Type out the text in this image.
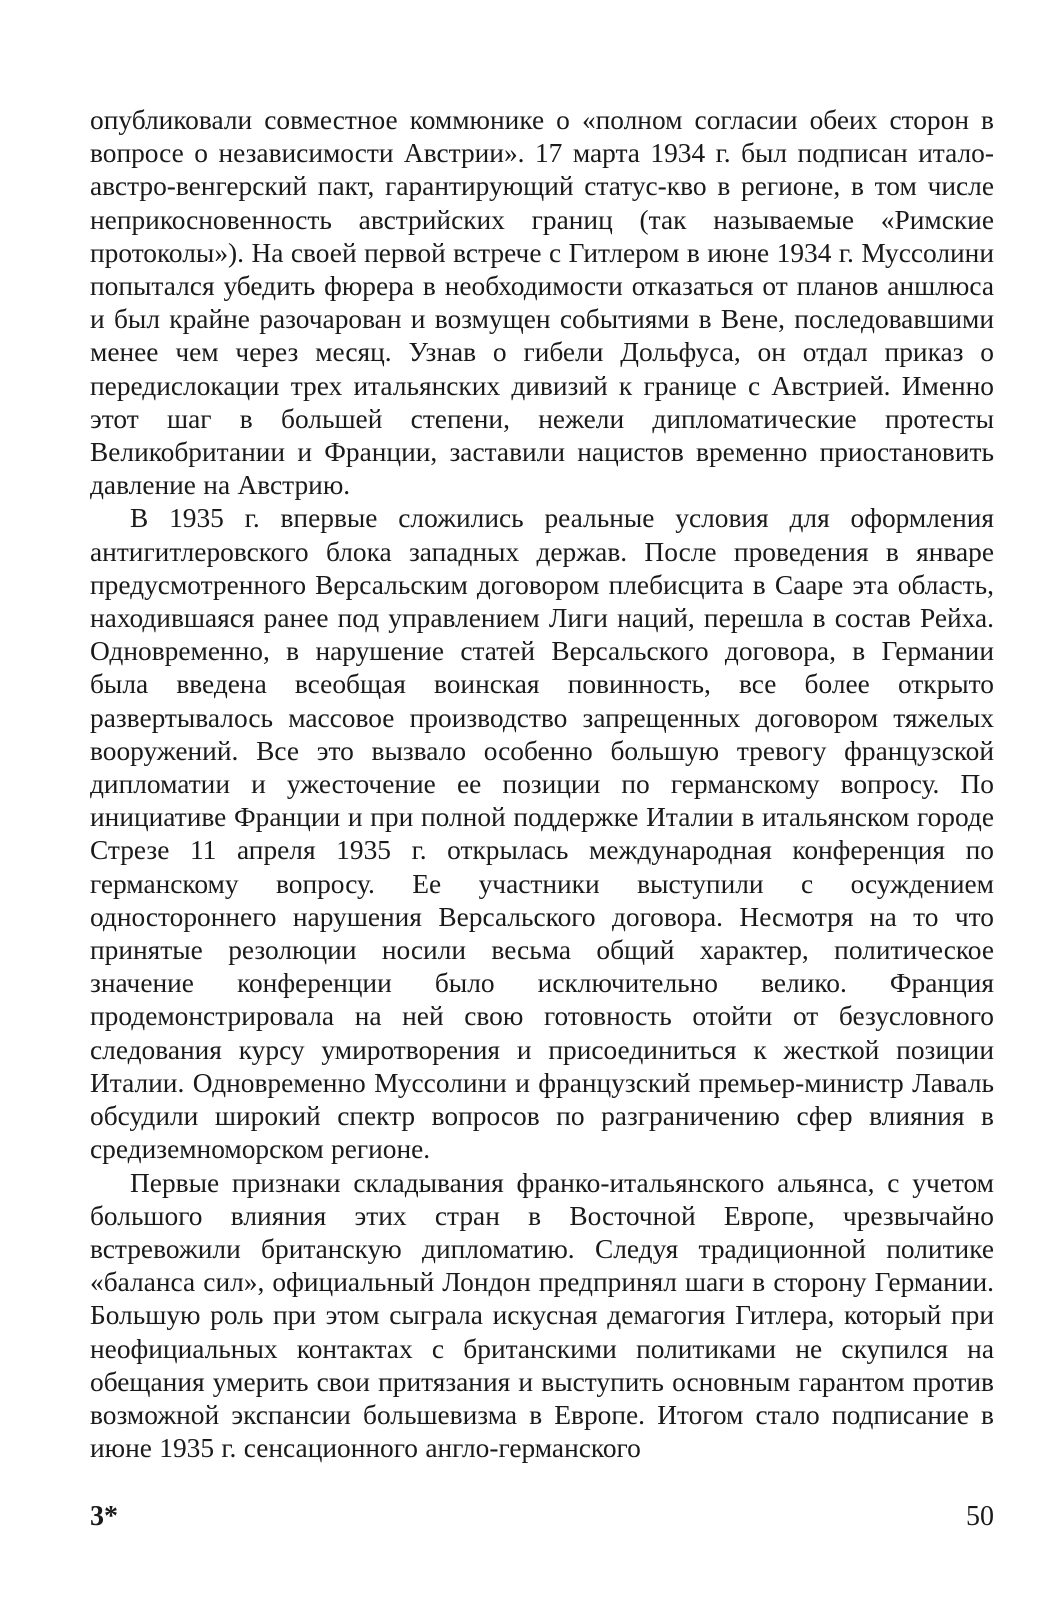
опубликовали совместное коммюнике о «полном согласии обеих сторон в вопросе о независимости Австрии». 17 марта 1934 г. был подписан итало-австро-венгерский пакт, гарантирующий статус-кво в регионе, в том числе неприкосновенность австрийских границ (так называемые «Римские протоколы»). На своей первой встрече с Гитлером в июне 1934 г. Муссолини попытался убедить фюрера в необходимости отказаться от планов аншлюса и был крайне разочарован и возмущен событиями в Вене, последовавшими менее чем через месяц. Узнав о гибели Дольфуса, он отдал приказ о передислокации трех итальянских дивизий к границе с Австрией. Именно этот шаг в большей степени, нежели дипломатические протесты Великобритании и Франции, заставили нацистов временно приостановить давление на Австрию.

В 1935 г. впервые сложились реальные условия для оформления антигитлеровского блока западных держав. После проведения в январе предусмотренного Версальским договором плебисцита в Сааре эта область, находившаяся ранее под управлением Лиги наций, перешла в состав Рейха. Одновременно, в нарушение статей Версальского договора, в Германии была введена всеобщая воинская повинность, все более открыто развертывалось массовое производство запрещенных договором тяжелых вооружений. Все это вызвало особенно большую тревогу французской дипломатии и ужесточение ее позиции по германскому вопросу. По инициативе Франции и при полной поддержке Италии в итальянском городе Стрезе 11 апреля 1935 г. открылась международная конференция по германскому вопросу. Ее участники выступили с осуждением одностороннего нарушения Версальского договора. Несмотря на то что принятые резолюции носили весьма общий характер, политическое значение конференции было исключительно велико. Франция продемонстрировала на ней свою готовность отойти от безусловного следования курсу умиротворения и присоединиться к жесткой позиции Италии. Одновременно Муссолини и французский премьер-министр Лаваль обсудили широкий спектр вопросов по разграничению сфер влияния в средиземноморском регионе.

Первые признаки складывания франко-итальянского альянса, с учетом большого влияния этих стран в Восточной Европе, чрезвычайно встревожили британскую дипломатию. Следуя традиционной политике «баланса сил», официальный Лондон предпринял шаги в сторону Германии. Большую роль при этом сыграла искусная демагогия Гитлера, который при неофициальных контактах с британскими политиками не скупился на обещания умерить свои притязания и выступить основным гарантом против возможной экспансии большевизма в Европе. Итогом стало подписание в июне 1935 г. сенсационного англо-германского

3*	50
